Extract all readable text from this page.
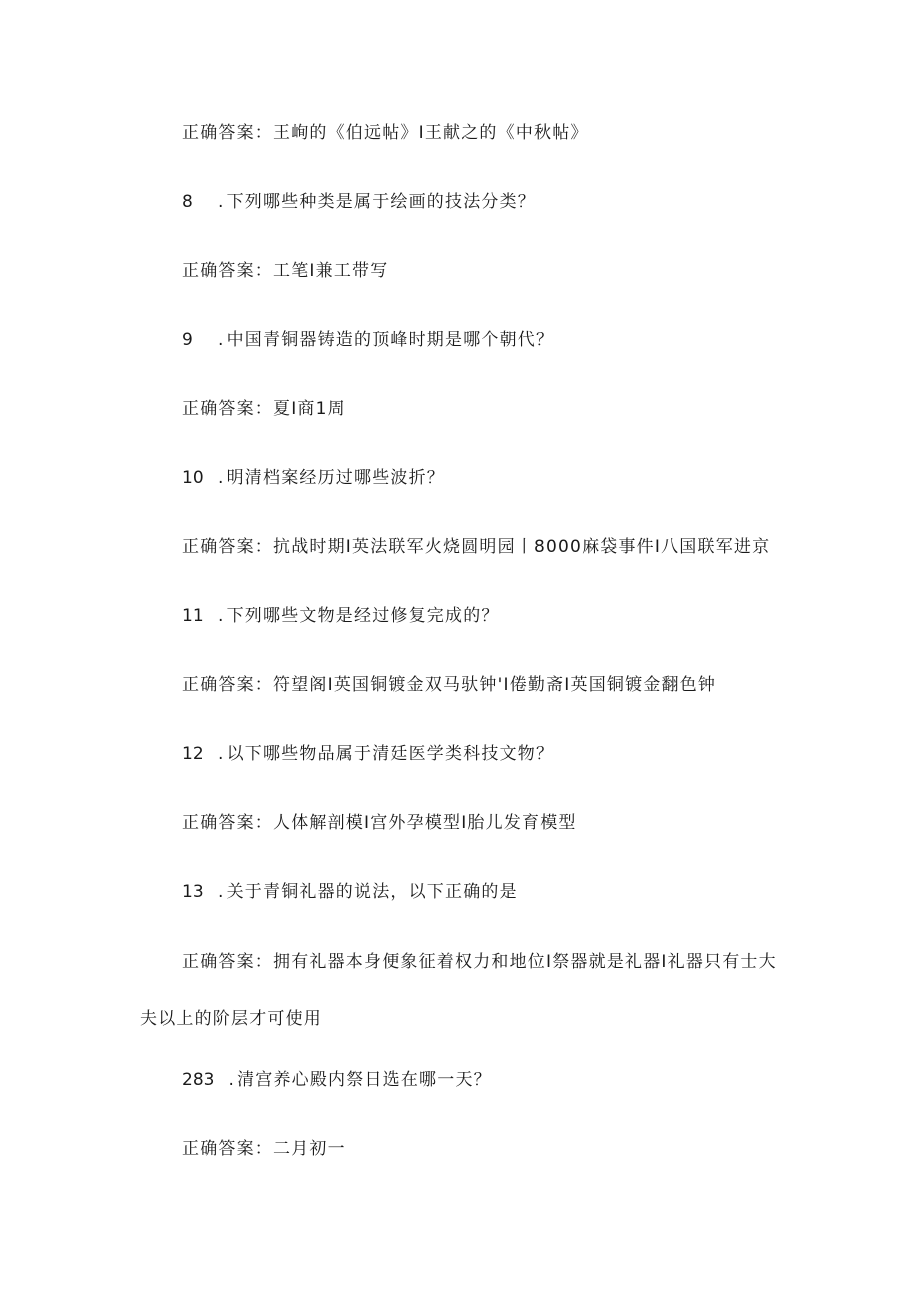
正确答案：王峋的《伯远帖》I王献之的《中秋帖》
8 . 下列哪些种类是属于绘画的技法分类？
正确答案：工笔I兼工带写
9 . 中国青铜器铸造的顶峰时期是哪个朝代？
正确答案：夏I商1周
10 . 明清档案经历过哪些波折？
正确答案：抗战时期I英法联军火烧圆明园丨8000麻袋事件I八国联军进京
11 . 下列哪些文物是经过修复完成的？
正确答案：符望阁I英国铜镀金双马驮钟'I倦勤斋I英国铜镀金翻色钟
12 . 以下哪些物品属于清廷医学类科技文物？
正确答案：人体解剖模I宫外孕模型I胎儿发育模型
13 . 关于青铜礼器的说法，以下正确的是
正确答案：拥有礼器本身便象征着权力和地位I祭器就是礼器I礼器只有士大夫以上的阶层才可使用
283 . 清宫养心殿内祭日选在哪一天？
正确答案：二月初一
